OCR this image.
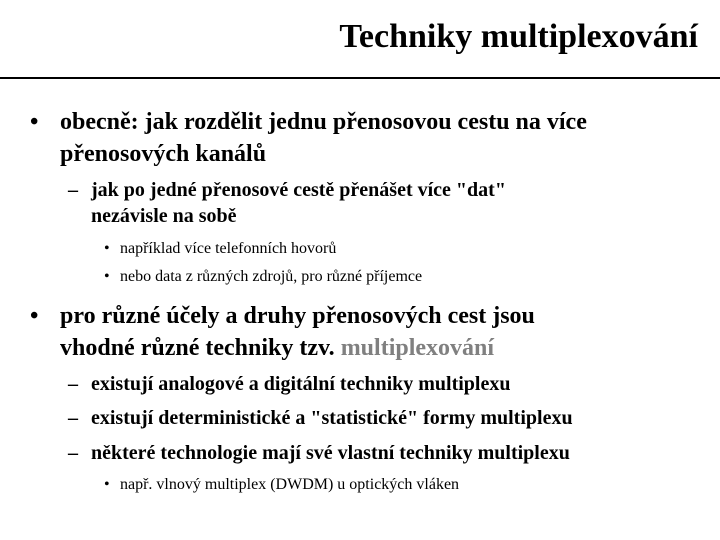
Techniky multiplexování
• obecně: jak rozdělit jednu přenosovou cestu na více
přenosových kanálů
– jak po jedné přenosové cestě přenášet více "dat"
nezávisle na sobě
• například více telefonních hovorů
• nebo data z různých zdrojů, pro různé příjemce
• pro různé účely a druhy přenosových cest jsou
vhodné různé techniky tzv. multiplexování
– existují analogové a digitální techniky multiplexu
– existují deterministické a "statistické" formy multiplexu
– některé technologie mají své vlastní techniky multiplexu
• např. vlnový multiplex (DWDM) u optických vláken
